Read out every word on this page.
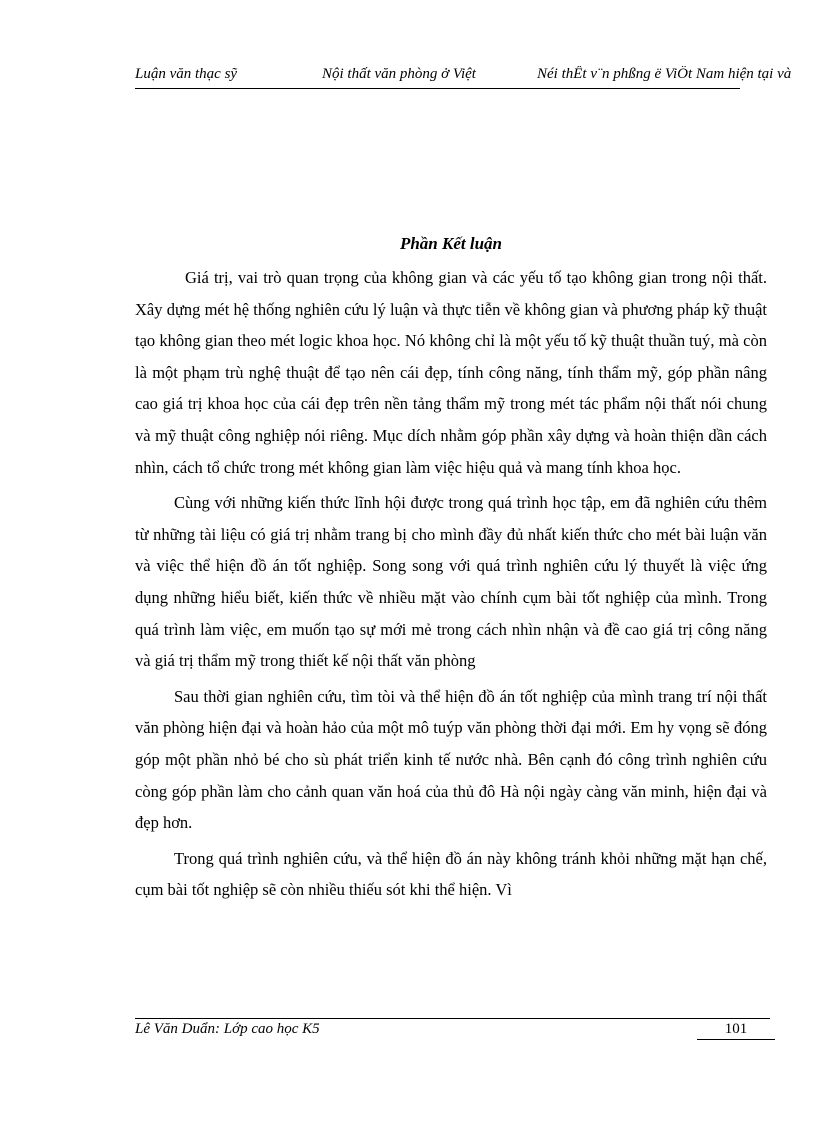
Luận văn thạc sỹ	Nội thất văn phòng ở Việt	Néi thÊt v¨n phßng ë ViÖt Nam hiện tại và
Phần Kết luận

Giá trị, vai trò quan trọng của không gian và các yếu tố tạo không gian trong nội thất. Xây dựng mét hệ thống nghiên cứu lý luận và thực tiễn về không gian và phương pháp kỹ thuật tạo không gian theo mét logic khoa học. Nó không chỉ là một yếu tố kỹ thuật thuần tuý, mà còn là một phạm trù nghệ thuật để tạo nên cái đẹp, tính công năng, tính thẩm mỹ, góp phần nâng cao giá trị khoa học của cái đẹp trên nền tảng thẩm mỹ trong mét tác phẩm nội thất nói chung và mỹ thuật công nghiệp nói riêng. Mục dích nhằm góp phần xây dựng và hoàn thiện dần cách nhìn, cách tổ chức trong mét không gian làm việc hiệu quả và mang tính khoa học.

Cùng với những kiến thức lĩnh hội được trong quá trình học tập, em đã nghiên cứu thêm từ những tài liệu có giá trị nhằm trang bị cho mình đầy đủ nhất kiến thức cho mét bài luận văn và việc thể hiện đồ án tốt nghiệp. Song song với quá trình nghiên cứu lý thuyết là việc ứng dụng những hiểu biết, kiến thức về nhiều mặt vào chính cụm bài tốt nghiệp của mình. Trong quá trình làm việc, em muốn tạo sự mới mẻ trong cách nhìn nhận và đề cao giá trị công năng và giá trị thẩm mỹ trong thiết kế nội thất văn phòng

Sau thời gian nghiên cứu, tìm tòi và thể hiện đồ án tốt nghiệp của mình trang trí nội thất văn phòng hiện đại và hoàn hảo của một mô tuýp văn phòng thời đại mới. Em hy vọng sẽ đóng góp một phần nhỏ bé cho sù phát triển kinh tế nước nhà. Bên cạnh đó công trình nghiên cứu còng góp phần làm cho cảnh quan văn hoá của thủ đô Hà nội ngày càng văn minh, hiện đại và đẹp hơn.

Trong quá trình nghiên cứu, và thể hiện đồ án này không tránh khỏi những mặt hạn chế, cụm bài tốt nghiệp sẽ còn nhiều thiếu sót khi thể hiện. Vì

Lê Văn Duẩn: Lớp cao học K5	101
